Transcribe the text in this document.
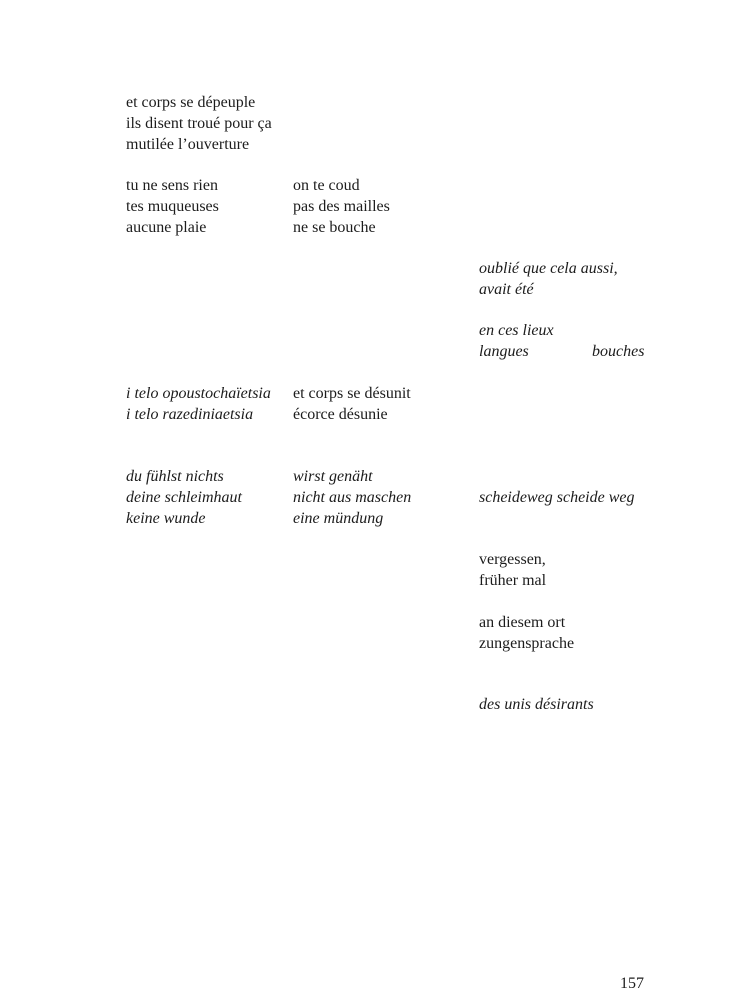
et corps se dépeuple
ils disent troué pour ça
mutilée l’ouverture
tu ne sens rien
tes muqueuses
aucune plaie
on te coud
pas des mailles
ne se bouche
oublié que cela aussi,
avait été
en ces lieux
langues	bouches
i telo opoustochaïetsia
i telo razediniaetsia
et corps se désunit
écorce désunie
du fühlst nichts
deine schleimhaut
keine wunde
wirst genäht
nicht aus maschen
eine mündung
scheideweg scheide weg
vergessen,
früher mal
an diesem ort
zungensprache
des unis désirants
157
